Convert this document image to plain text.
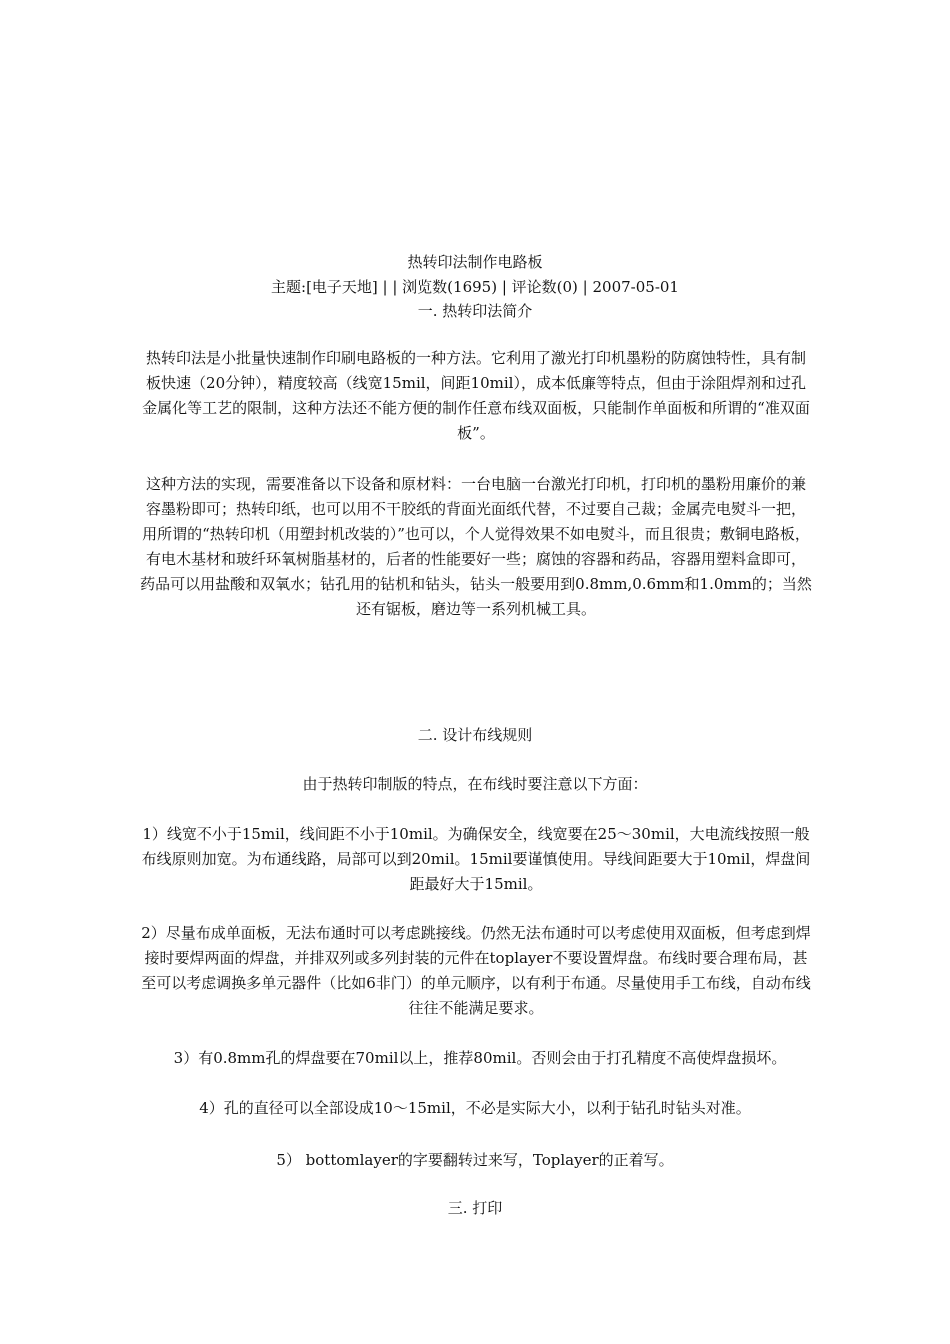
热转印法制作电路板
主题:[电子天地] | | 浏览数(1695) | 评论数(0) | 2007-05-01
一. 热转印法简介
热转印法是小批量快速制作印刷电路板的一种方法。它利用了激光打印机墨粉的防腐蚀特性，具有制板快速（20分钟），精度较高（线宽15mil，间距10mil），成本低廉等特点，但由于涂阻焊剂和过孔金属化等工艺的限制，这种方法还不能方便的制作任意布线双面板，只能制作单面板和所谓的“准双面板”。
这种方法的实现，需要准备以下设备和原材料：一台电脑一台激光打印机，打印机的墨粉用廉价的兼容墨粉即可；热转印纸，也可以用不干胶纸的背面光面纸代替，不过要自己裁；金属壳电熨斗一把，用所谓的“热转印机（用塑封机改装的）”也可以，个人觉得效果不如电熨斗，而且很贵；敷铜电路板，有电木基材和玻纤环氧树脂基材的，后者的性能要好一些；腐蚀的容器和药品，容器用塑料盒即可，药品可以用盐酸和双氧水；钻孔用的钻机和钻头，钻头一般要用到0.8mm,0.6mm和1.0mm的；当然还有锯板，磨边等一系列机械工具。
二. 设计布线规则
由于热转印制版的特点，在布线时要注意以下方面：
1）线宽不小于15mil，线间距不小于10mil。为确保安全，线宽要在25～30mil，大电流线按照一般布线原则加宽。为布通线路，局部可以到20mil。15mil要谨慎使用。导线间距要大于10mil，焊盘间距最好大于15mil。
2）尽量布成单面板，无法布通时可以考虑跳接线。仍然无法布通时可以考虑使用双面板，但考虑到焊接时要焊两面的焊盘，并排双列或多列封装的元件在toplayer不要设置焊盘。布线时要合理布局，甚至可以考虑调换多单元器件（比如6非门）的单元顺序，以有利于布通。尽量使用手工布线，自动布线往往不能满足要求。
3）有0.8mm孔的焊盘要在70mil以上，推荐80mil。否则会由于打孔精度不高使焊盘损坏。
4）孔的直径可以全部设成10～15mil，不必是实际大小，以利于钻孔时钻头对准。
5） bottomlayer的字要翻转过来写，Toplayer的正着写。
三. 打印
